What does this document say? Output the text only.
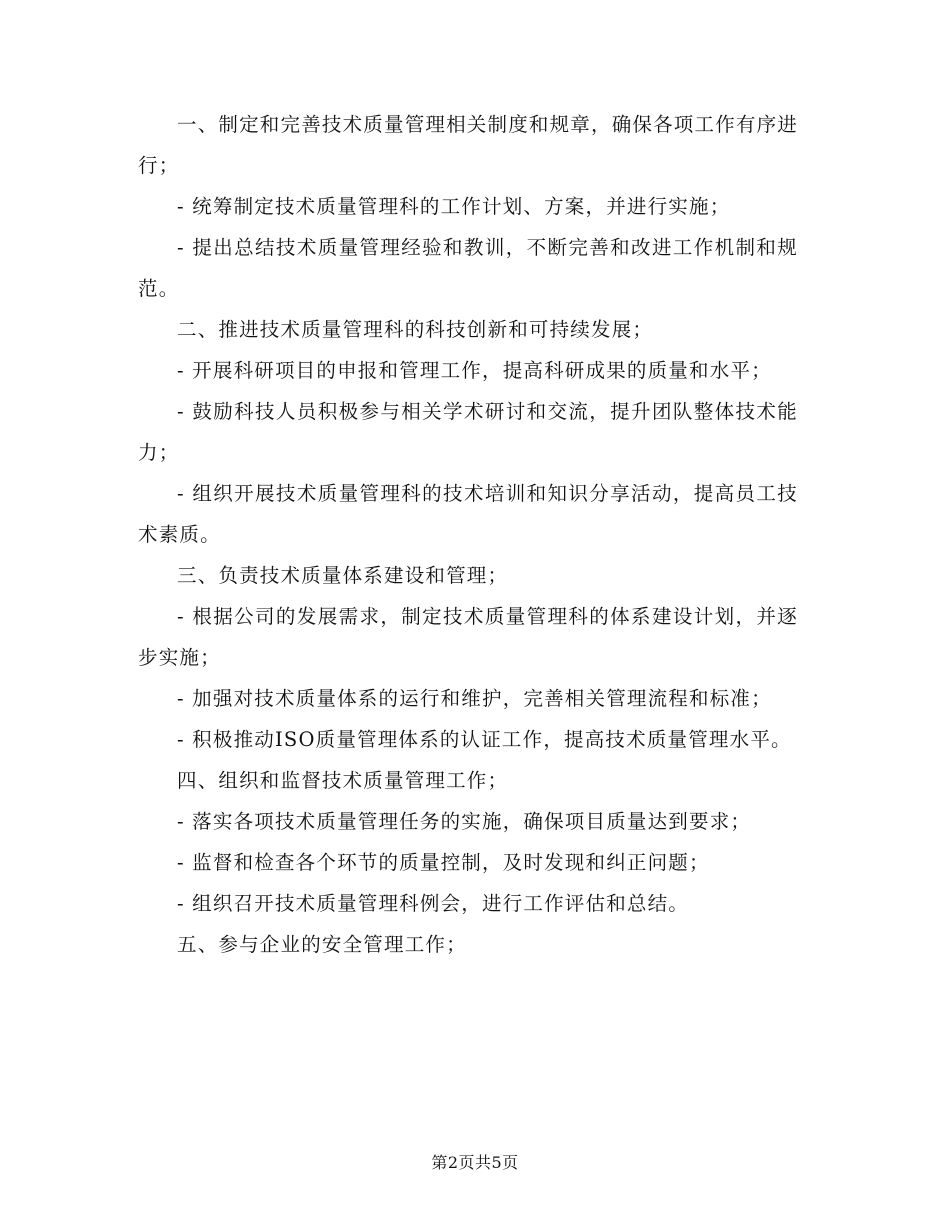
一、制定和完善技术质量管理相关制度和规章，确保各项工作有序进行；

- 统筹制定技术质量管理科的工作计划、方案，并进行实施；

- 提出总结技术质量管理经验和教训，不断完善和改进工作机制和规范。

二、推进技术质量管理科的科技创新和可持续发展；

- 开展科研项目的申报和管理工作，提高科研成果的质量和水平；

- 鼓励科技人员积极参与相关学术研讨和交流，提升团队整体技术能力；

- 组织开展技术质量管理科的技术培训和知识分享活动，提高员工技术素质。

三、负责技术质量体系建设和管理；

- 根据公司的发展需求，制定技术质量管理科的体系建设计划，并逐步实施；

- 加强对技术质量体系的运行和维护，完善相关管理流程和标准；

- 积极推动ISO质量管理体系的认证工作，提高技术质量管理水平。

四、组织和监督技术质量管理工作；

- 落实各项技术质量管理任务的实施，确保项目质量达到要求；

- 监督和检查各个环节的质量控制，及时发现和纠正问题；

- 组织召开技术质量管理科例会，进行工作评估和总结。

五、参与企业的安全管理工作；

第2页共5页
